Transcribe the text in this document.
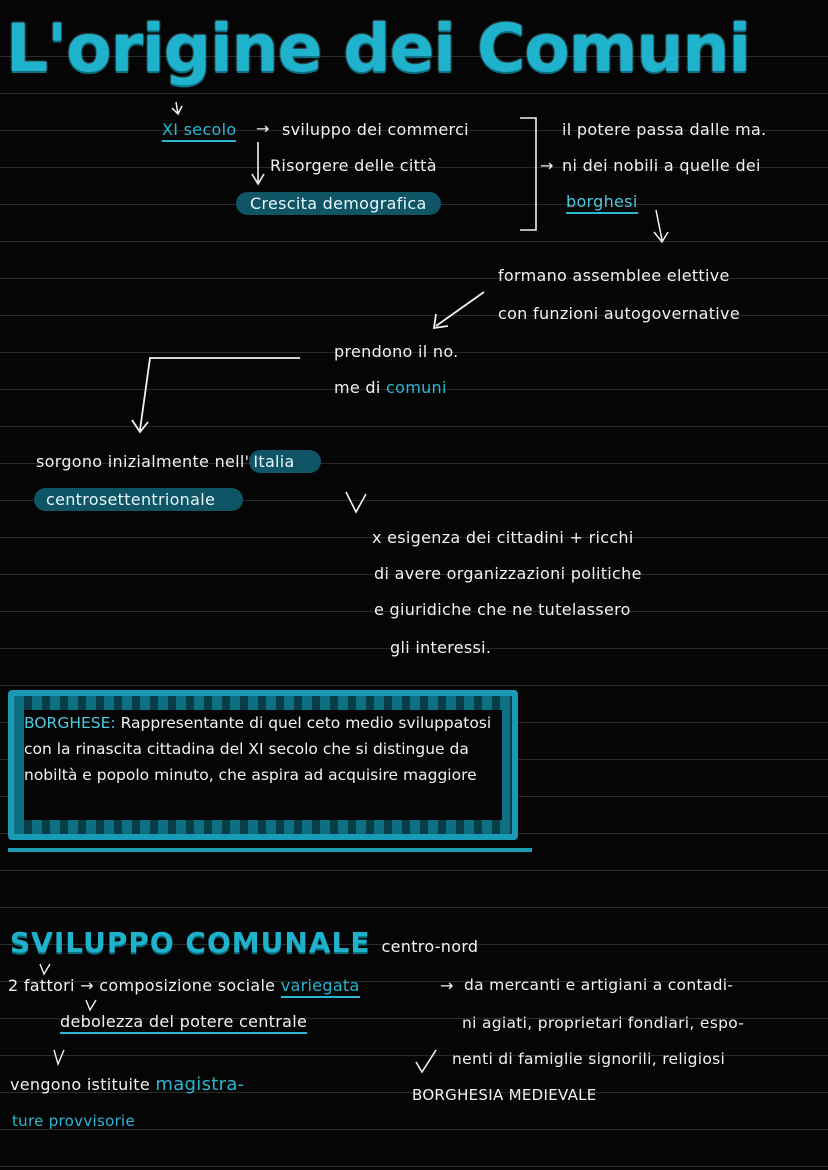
L'origine dei Comuni
XI secolo → sviluppo dei commerci
Risorgere delle città
Crescita demografica
il potere passa dalle ma.
→ ni dei nobili a quelle dei
borghesi
formano assemblee elettive
con funzioni autogovernative
prendono il no.
me di comuni
sorgono inizialmente nell' Italia
centrosettentrionale
x esigenza dei cittadini + ricchi
di avere organizzazioni politiche
e giuridiche che ne tutelassero
gli interessi.
BORGHESE: Rappresentante di quel ceto medio sviluppatosi con la rinascita cittadina del XI secolo che si distingue da nobiltà e popolo minuto, che aspira ad acquisire maggiore
SVILUPPO COMUNALE centro-nord
2 fattori → composizione sociale variegata	→ da mercanti e artigiani a contadi-
ni agiati, proprietari fondiari, espo-
nenti di famiglie signorili, religiosi
BORGHESIA MEDIEVALE
debolezza del potere centrale
vengono istituite magistra-
ture provvisorie
